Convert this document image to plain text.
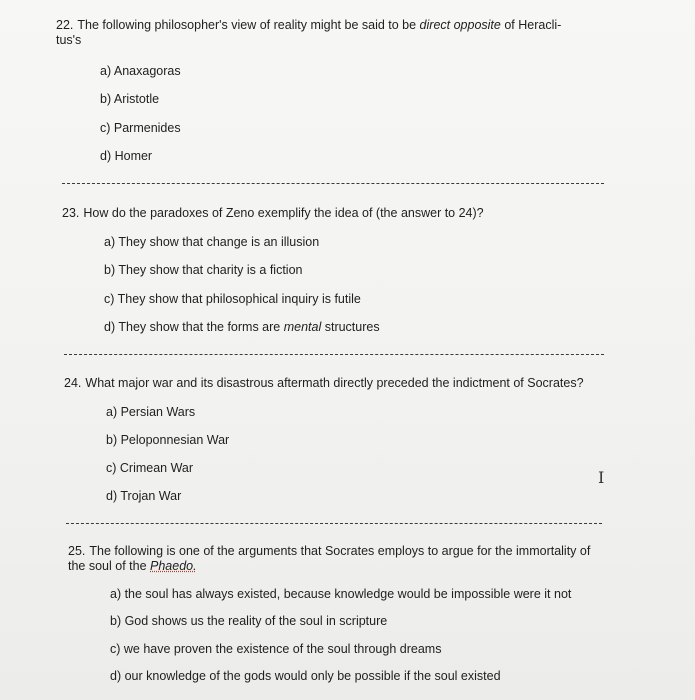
22. The following philosopher's view of reality might be said to be direct opposite of Heracli-
tus's
a) Anaxagoras
b) Aristotle
c) Parmenides
d) Homer
23. How do the paradoxes of Zeno exemplify the idea of (the answer to 24)?
a) They show that change is an illusion
b) They show that charity is a fiction
c) They show that philosophical inquiry is futile
d) They show that the forms are mental structures
24. What major war and its disastrous aftermath directly preceded the indictment of Socrates?
a) Persian Wars
b) Peloponnesian War
c) Crimean War
d) Trojan War
I
25. The following is one of the arguments that Socrates employs to argue for the immortality of
the soul of the Phaedo.
a) the soul has always existed, because knowledge would be impossible were it not
b) God shows us the reality of the soul in scripture
c) we have proven the existence of the soul through dreams
d) our knowledge of the gods would only be possible if the soul existed
